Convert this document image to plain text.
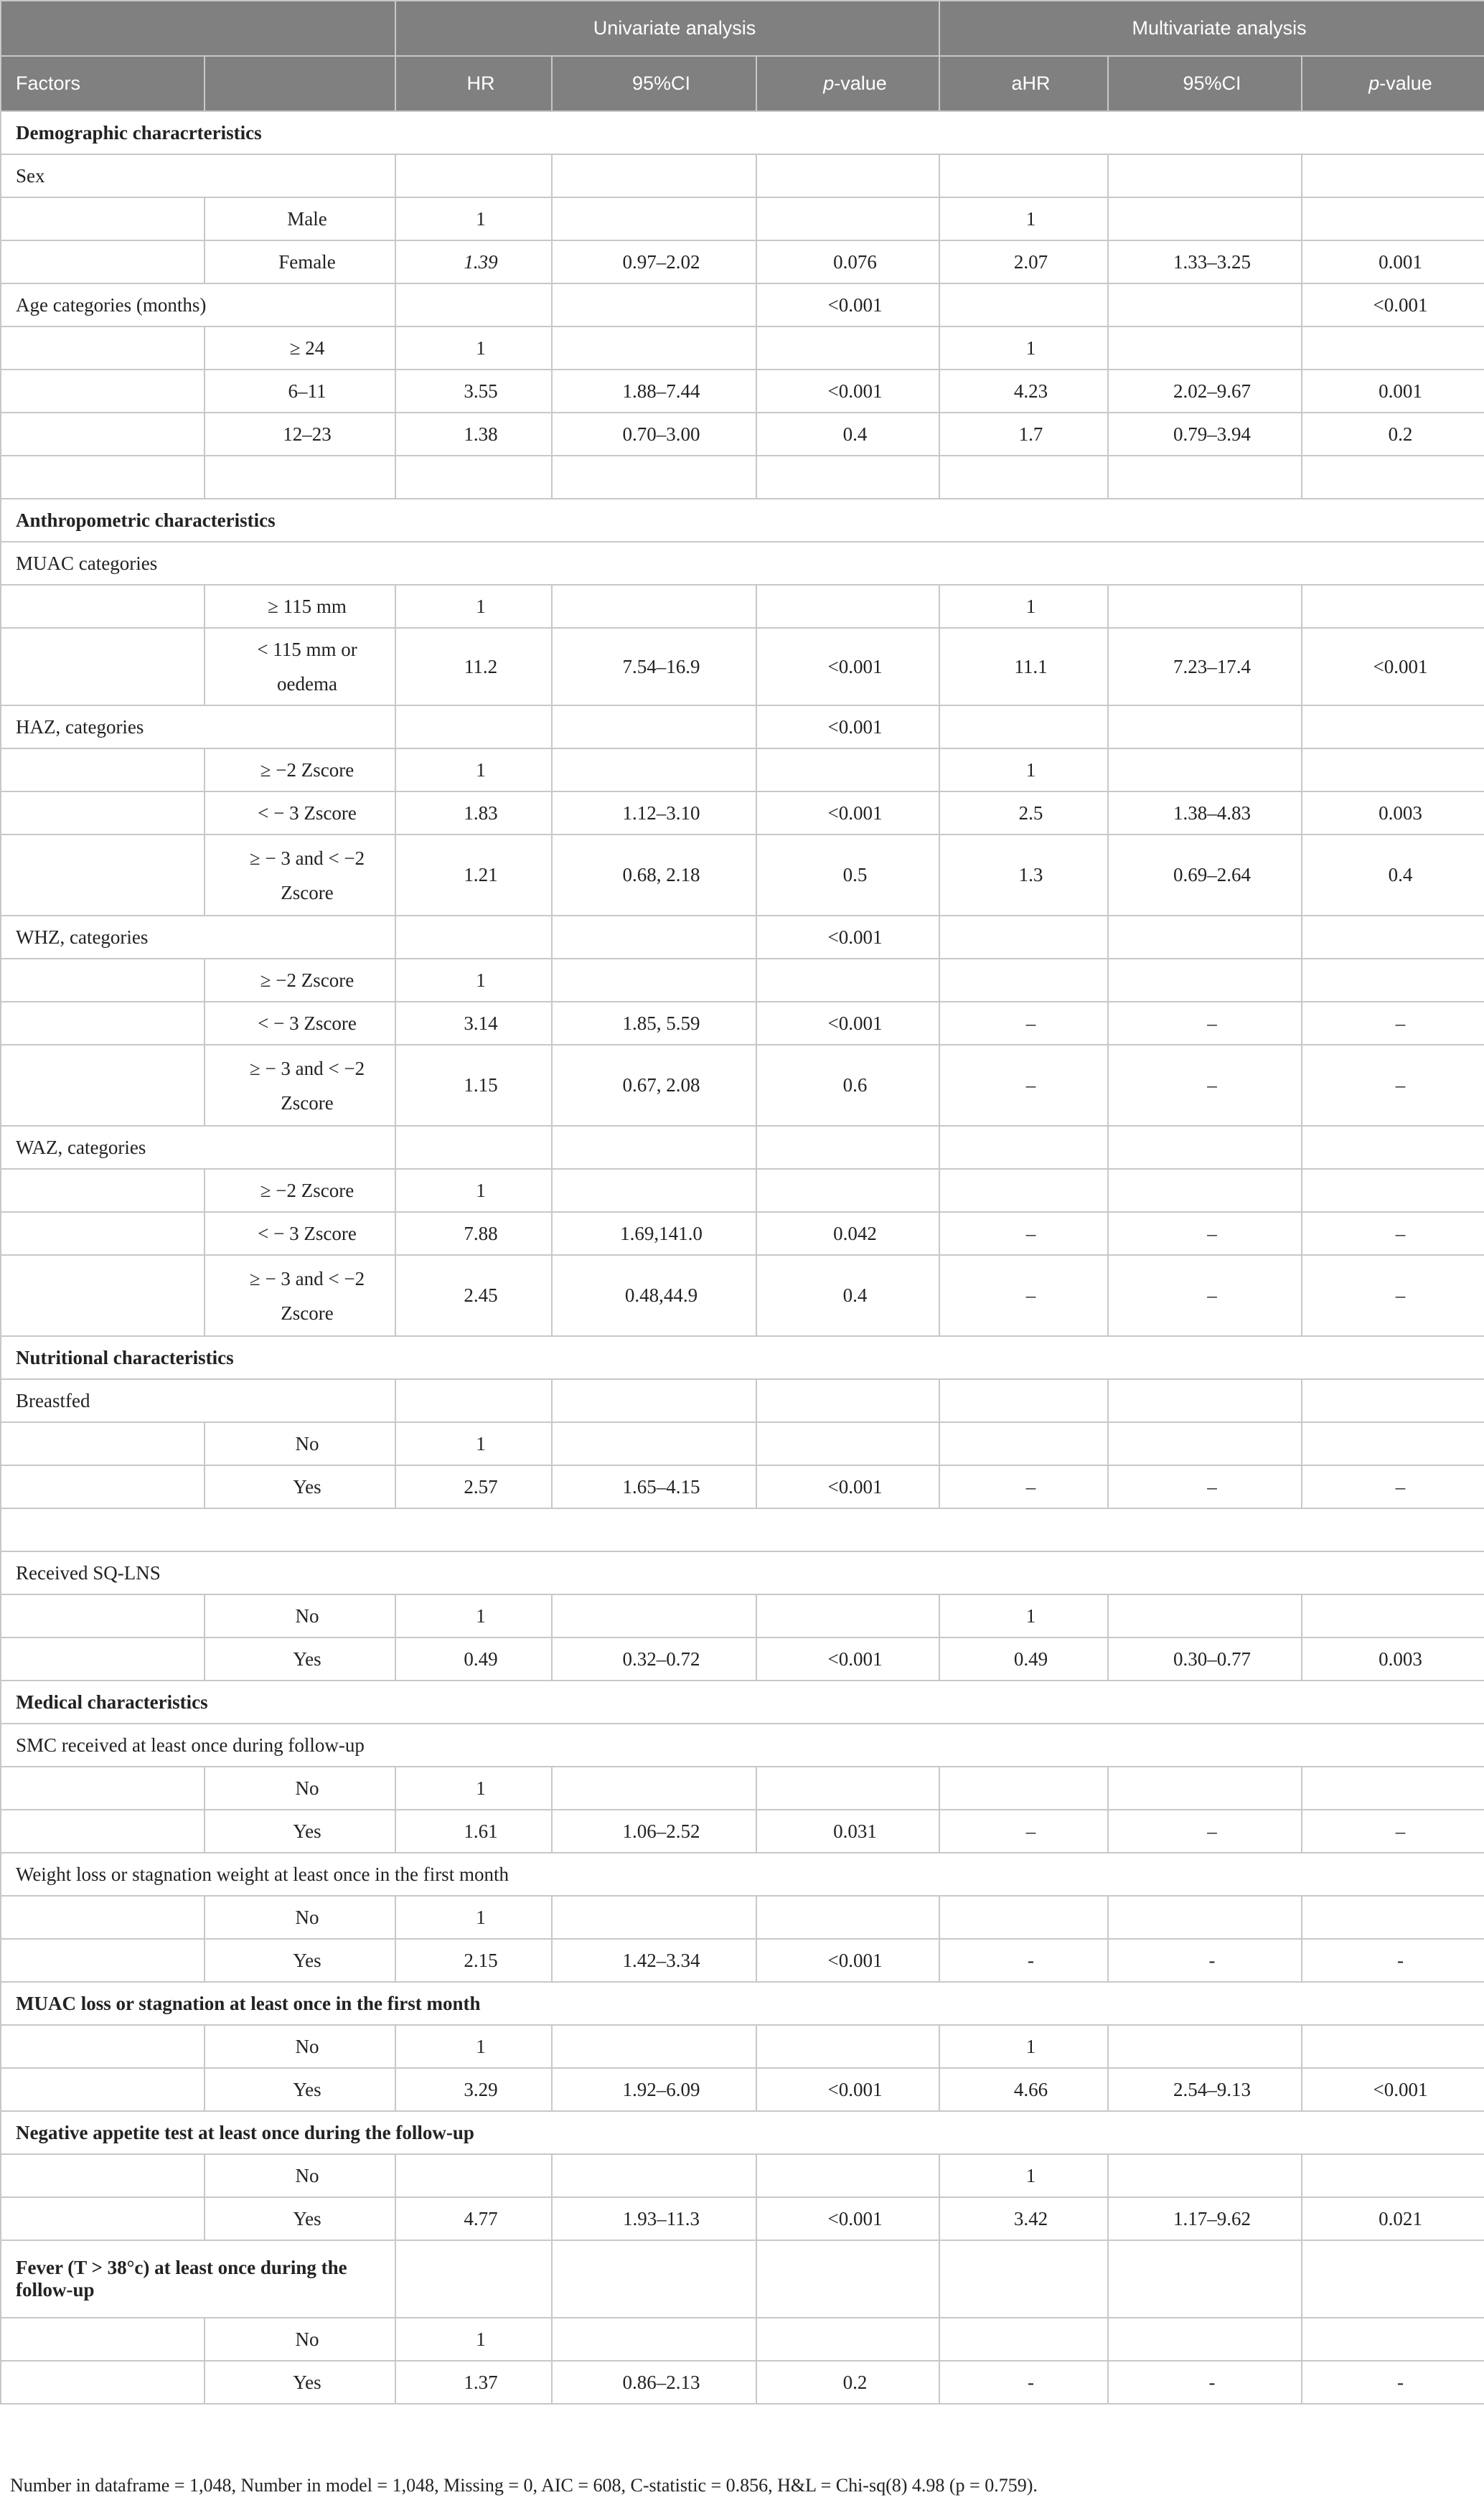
		Univariate analysis			Multivariate analysis		
Factors		HR	95%CI	p-value	aHR	95%CI	p-value
Demographic characrteristics							
Sex							
	Male	1			1		
	Female	1.39	0.97–2.02	0.076	2.07	1.33–3.25	0.001
Age categories (months)				<0.001			<0.001
	≥ 24	1			1		
	6–11	3.55	1.88–7.44	<0.001	4.23	2.02–9.67	0.001
	12–23	1.38	0.70–3.00	0.4	1.7	0.79–3.94	0.2

Anthropometric characteristics							
MUAC categories							
	≥ 115 mm	1			1		
	< 115 mm or
oedema	11.2	7.54–16.9	<0.001	11.1	7.23–17.4	<0.001
HAZ, categories				<0.001			
	≥ −2 Zscore	1			1		
	< − 3 Zscore	1.83	1.12–3.10	<0.001	2.5	1.38–4.83	0.003
	≥ − 3 and < −2
Zscore	1.21	0.68, 2.18	0.5	1.3	0.69–2.64	0.4
WHZ, categories				<0.001			
	≥ −2 Zscore	1					
	< − 3 Zscore	3.14	1.85, 5.59	<0.001	–	–	–
	≥ − 3 and < −2
Zscore	1.15	0.67, 2.08	0.6	–	–	–
WAZ, categories							
	≥ −2 Zscore	1					
	< − 3 Zscore	7.88	1.69,141.0	0.042	–	–	–
	≥ − 3 and < −2
Zscore	2.45	0.48,44.9	0.4	–	–	–
Nutritional characteristics							
Breastfed							
	No	1					
	Yes	2.57	1.65–4.15	<0.001	–	–	–

Received SQ-LNS							
	No	1			1		
	Yes	0.49	0.32–0.72	<0.001	0.49	0.30–0.77	0.003
Medical characteristics							
SMC received at least once during follow-up							
	No	1					
	Yes	1.61	1.06–2.52	0.031	–	–	–
Weight loss or stagnation weight at least once in the first month							
	No	1					
	Yes	2.15	1.42–3.34	<0.001	-	-	-
MUAC loss or stagnation at least once in the first month							
	No	1			1		
	Yes	3.29	1.92–6.09	<0.001	4.66	2.54–9.13	<0.001
Negative appetite test at least once during the follow-up							
	No				1		
	Yes	4.77	1.93–11.3	<0.001	3.42	1.17–9.62	0.021
Fever (T > 38°c) at least once during the
follow-up							
	No	1					
	Yes	1.37	0.86–2.13	0.2	-	-	-
Number in dataframe = 1,048, Number in model = 1,048, Missing = 0, AIC = 608, C-statistic = 0.856, H&L = Chi-sq(8) 4.98 (p = 0.759).
